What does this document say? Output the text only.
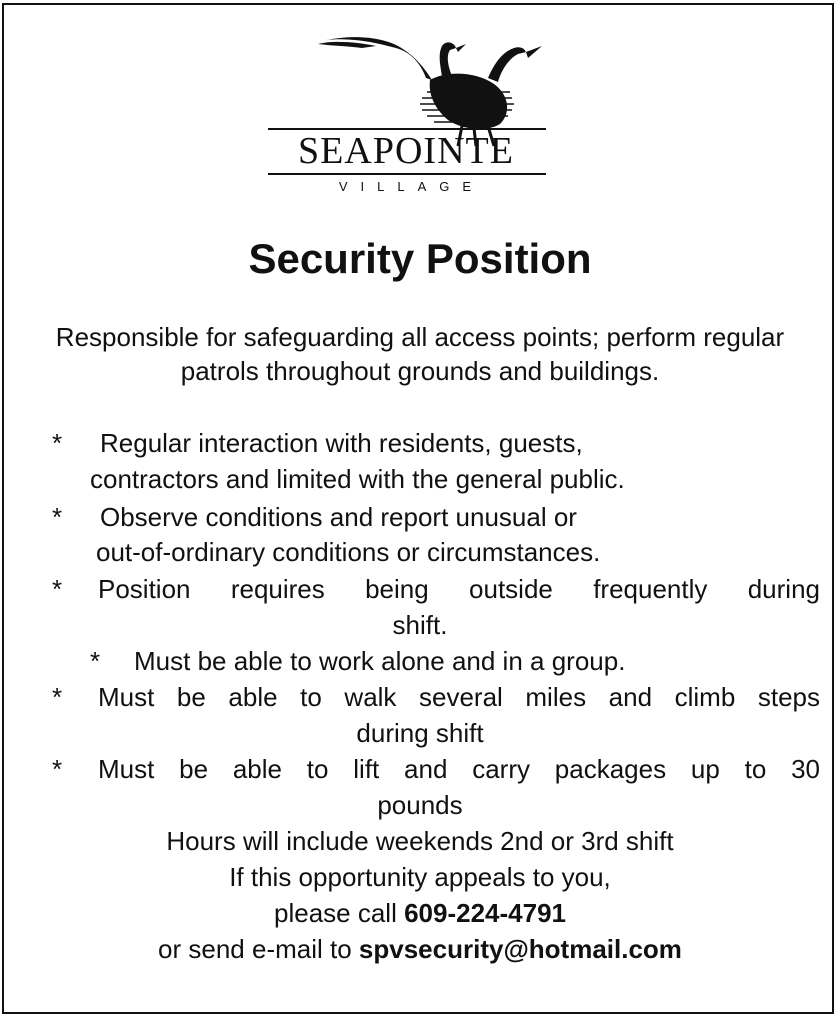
SEAPOINTE
VILLAGE
Security Position
Responsible for safeguarding all access points; perform regular patrols throughout grounds and buildings.
* Regular interaction with residents, guests,
contractors and limited with the general public.
* Observe conditions and report unusual or
out-of-ordinary conditions or circumstances.
* Position requires being outside frequently during
shift.
* Must be able to work alone and in a group.
* Must be able to walk several miles and climb steps
during shift
* Must be able to lift and carry packages up to 30
pounds
Hours will include weekends 2nd or 3rd shift
If this opportunity appeals to you,
please call 609-224-4791
or send e-mail to spvsecurity@hotmail.com
